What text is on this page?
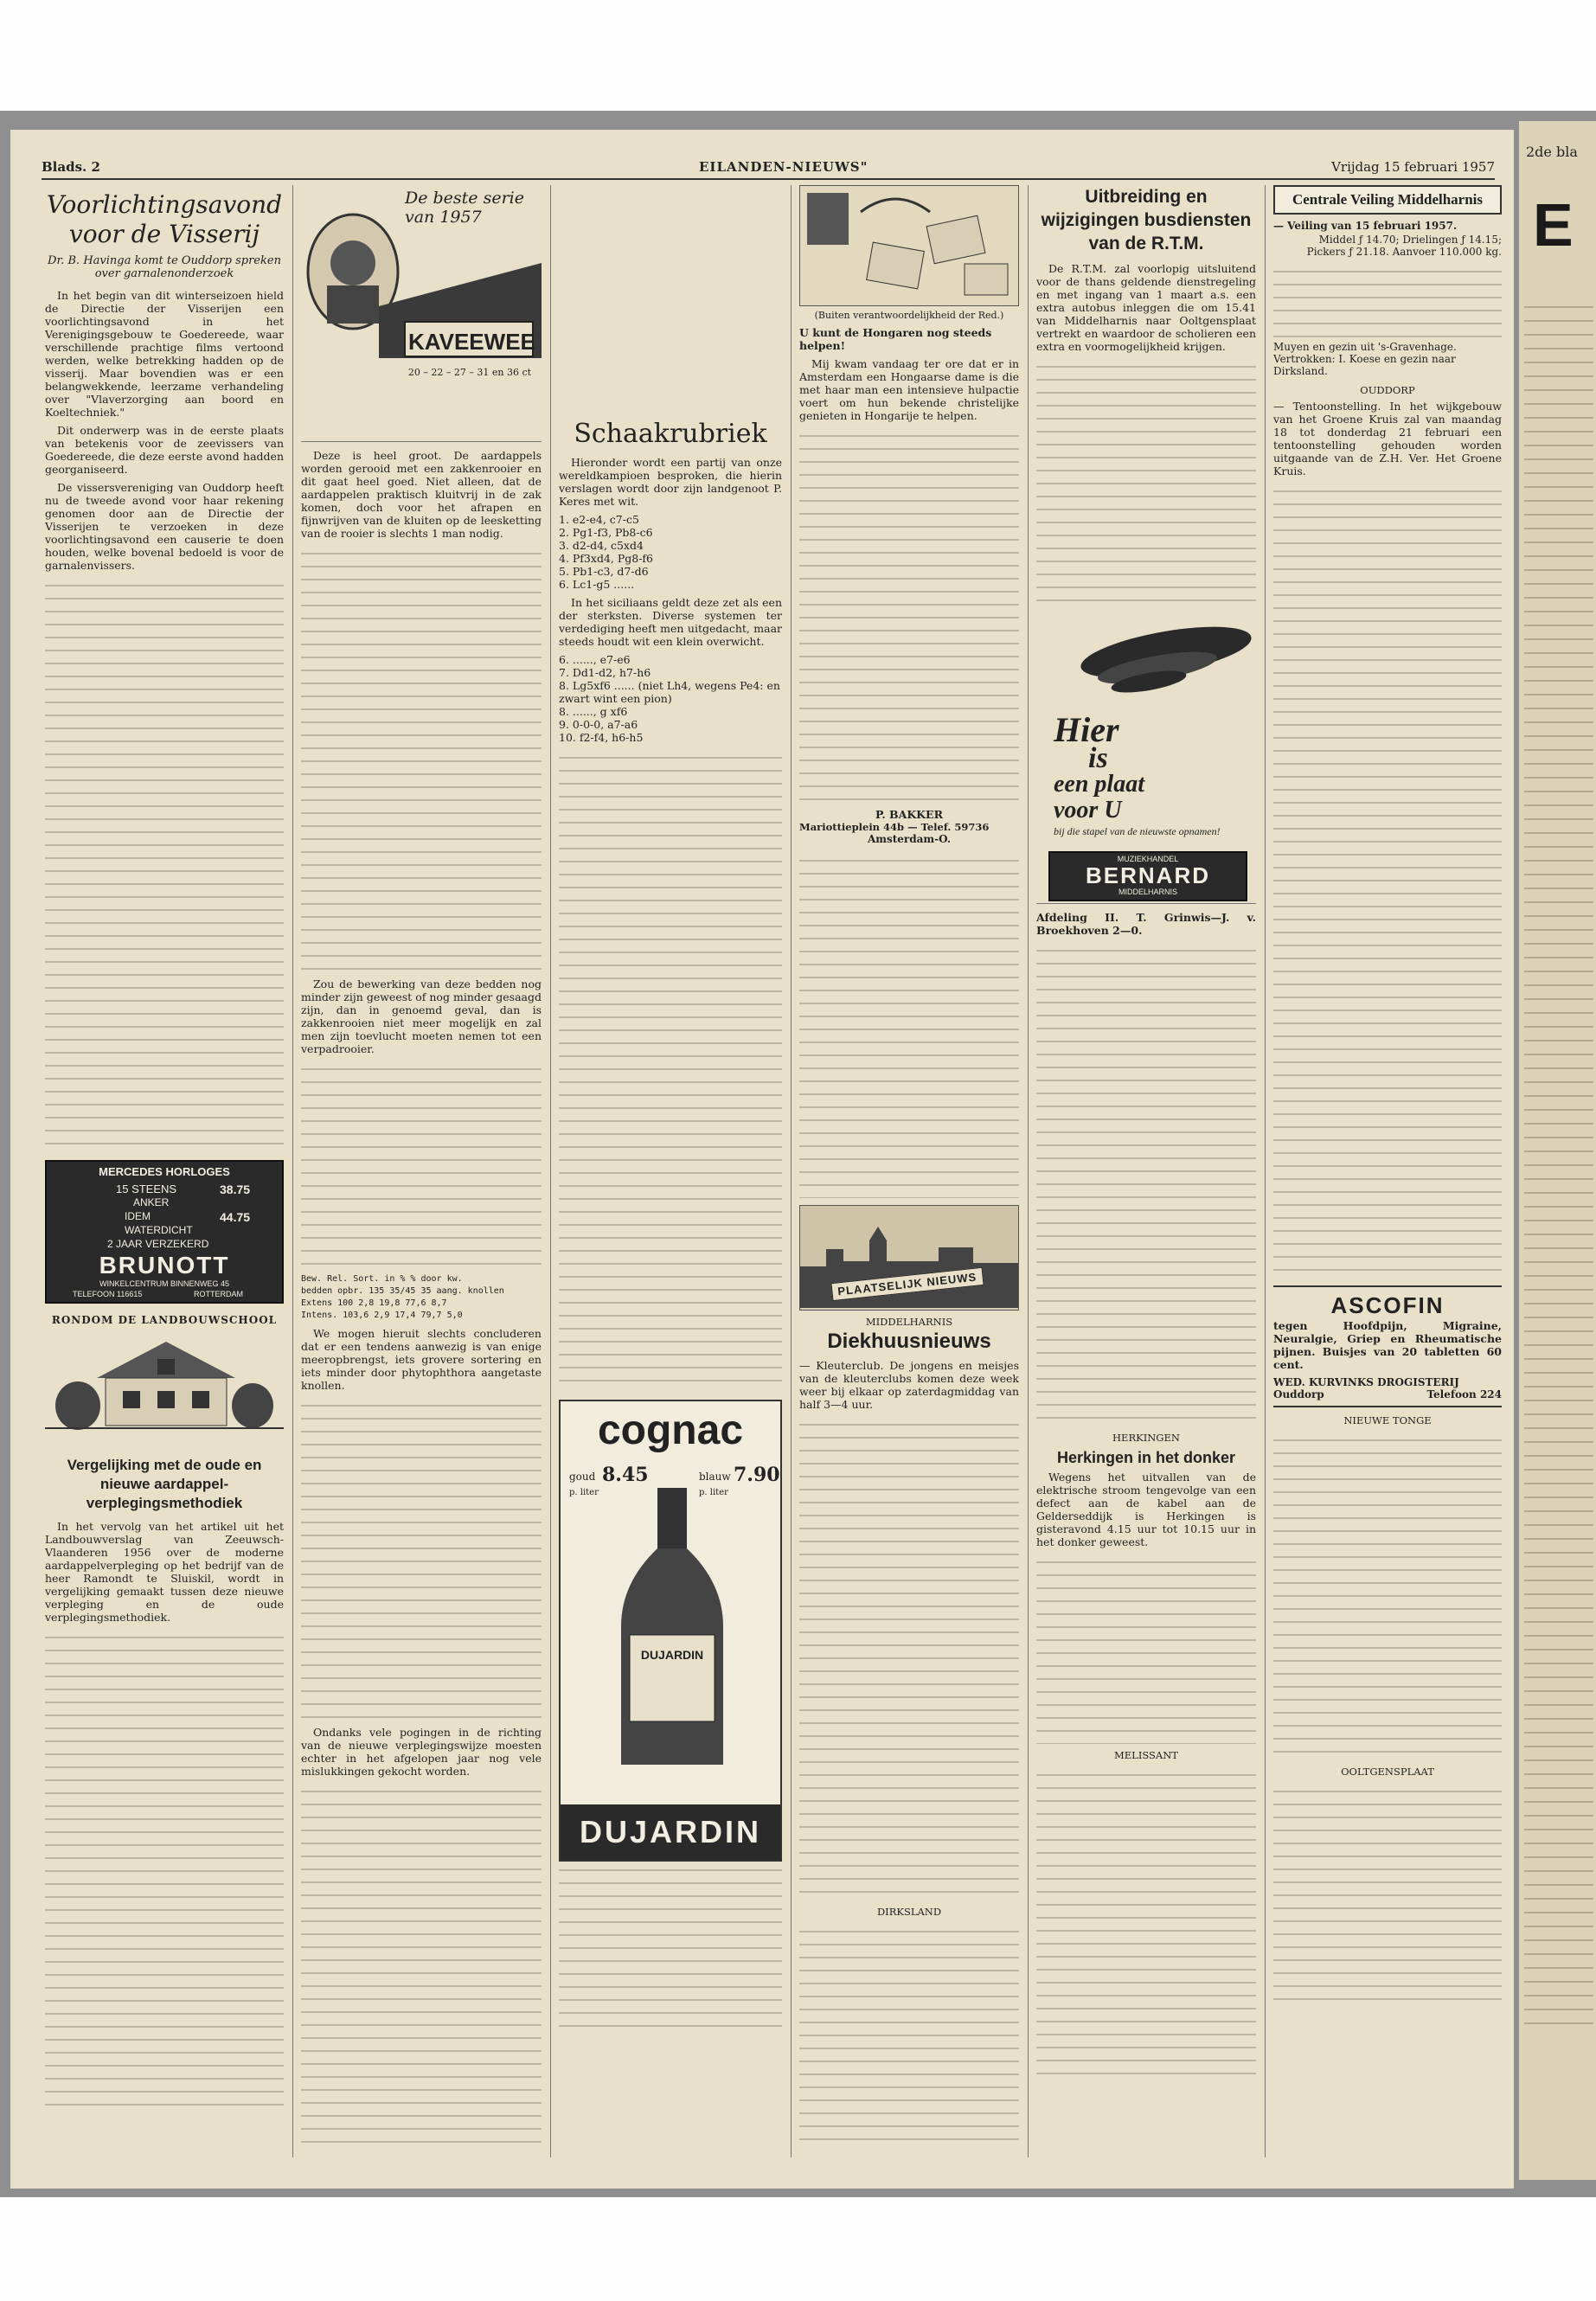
2de bla
E
Blads. 2	EILANDEN-NIEUWS"	Vrijdag 15 februari 1957
Voorlichtingsavond voor de Visserij
Dr. B. Havinga komt te Ouddorp spreken over garnalenonderzoek

In het begin van dit winterseizoen hield de Directie der Visserijen een voorlichtingsavond in het Verenigingsgebouw te Goedereede, waar verschillende prachtige films vertoond werden, welke betrekking hadden op de visserij. Maar bovendien was er een belangwekkende, leerzame verhandeling over "Vlaverzorging aan boord en Koeltechniek."

Dit onderwerp was in de eerste plaats van betekenis voor de zeevissers van Goedereede, die deze eerste avond hadden georganiseerd.

De vissersvereniging van Ouddorp heeft nu de tweede avond voor haar rekening genomen door aan de Directie der Visserijen te verzoeken in deze voorlichtingsavond een causerie te doen houden, welke bovenal bedoeld is voor de garnalenvissers.

MERCEDES HORLOGES
15 STEENS	38.75
ANKER
IDEM	44.75
WATERDICHT
2 JAAR VERZEKERD
BRUNOTT
WINKELCENTRUM BINNENWEG 45
TELEFOON 116615	ROTTERDAM
RONDOM DE LANDBOUWSCHOOL
Vergelijking met de oude en nieuwe aardappel-verplegingsmethodiek

In het vervolg van het artikel uit het Landbouwverslag van Zeeuwsch-Vlaanderen 1956 over de moderne aardappelverpleging op het bedrijf van de heer Ramondt te Sluiskil, wordt in vergelijking gemaakt tussen deze nieuwe verpleging en de oude verplegingsmethodiek.

De beste serie van 1957
KAVEEWEE
20 – 22 – 27 – 31 en 36 ct

Deze is heel groot. De aardappels worden gerooid met een zakkenrooier en dit gaat heel goed. Niet alleen, dat de aardappelen praktisch kluitvrij in de zak komen, doch voor het afrapen en fijnwrijven van de kluiten op de leesketting van de rooier is slechts 1 man nodig.

Zou de bewerking van deze bedden nog minder zijn geweest of nog minder gesaagd zijn, dan in genoemd geval, dan is zakkenrooien niet meer mogelijk en zal men zijn toevlucht moeten nemen tot een verpadrooier.

Bew. Rel. Sort. in % % door kw.
bedden opbr. 135 35/45 35 aang. knollen
Extens 100 2,8 19,8 77,6 8,7
Intens. 103,6 2,9 17,4 79,7 5,0

We mogen hieruit slechts concluderen dat er een tendens aanwezig is van enige meeropbrengst, iets grovere sortering en iets minder door phytophthora aangetaste knollen.

Ondanks vele pogingen in de richting van de nieuwe verplegingswijze moesten echter in het afgelopen jaar nog vele mislukkingen gekocht worden.

Schaakrubriek

Hieronder wordt een partij van onze wereldkampioen besproken, die hierin verslagen wordt door zijn landgenoot P. Keres met wit.

1. e2-e4, c7-c5
2. Pg1-f3, Pb8-c6
3. d2-d4, c5xd4
4. Pf3xd4, Pg8-f6
5. Pb1-c3, d7-d6
6. Lc1-g5 ......

In het siciliaans geldt deze zet als een der sterksten. Diverse systemen ter verdediging heeft men uitgedacht, maar steeds houdt wit een klein overwicht.

6. ......, e7-e6
7. Dd1-d2, h7-h6
8. Lg5xf6 ...... (niet Lh4, wegens Pe4: en zwart wint een pion)
8. ......, g xf6
9. 0-0-0, a7-a6
10. f2-f4, h6-h5
cognac
goud 8.45
p. liter
blauw 7.90
p. liter
DUJARDIN
DUJARDIN
(Buiten verantwoordelijkheid der Red.)
U kunt de Hongaren nog steeds helpen!

Mij kwam vandaag ter ore dat er in Amsterdam een Hongaarse dame is die met haar man een intensieve hulpactie voert om hun bekende christelijke genieten in Hongarije te helpen.

P. BAKKER
Mariottieplein 44b — Telef. 59736
Amsterdam-O.
PLAATSELIJK NIEUWS
MIDDELHARNIS
Diekhuusnieuws

— Kleuterclub. De jongens en meisjes van de kleuterclubs komen deze week weer bij elkaar op zaterdagmiddag van half 3—4 uur.

DIRKSLAND
Uitbreiding en wijzigingen busdiensten van de R.T.M.

De R.T.M. zal voorlopig uitsluitend voor de thans geldende dienstregeling en met ingang van 1 maart a.s. een extra autobus inleggen die om 15.41 van Middelharnis naar Ooltgensplaat vertrekt en waardoor de scholieren een extra en voormogelijkheid krijgen.

Hier
is
een plaat
voor U
bij die stapel van de nieuwste opnamen!
MUZIEKHANDEL
BERNARD
MIDDELHARNIS

Afdeling II. T. Grinwis—J. v. Broekhoven 2—0.

HERKINGEN
Herkingen in het donker

Wegens het uitvallen van de elektrische stroom tengevolge van een defect aan de kabel aan de Gelderseddijk is Herkingen is gisteravond 4.15 uur tot 10.15 uur in het donker geweest.

MELISSANT
Centrale Veiling Middelharnis
— Veiling van 15 februari 1957.
Middel ƒ 14.70; Drielingen ƒ 14.15;
Pickers ƒ 21.18. Aanvoer 110.000 kg.
Muyen en gezin uit 's-Gravenhage.
Vertrokken: I. Koese en gezin naar Dirksland.
OUDDORP

— Tentoonstelling. In het wijkgebouw van het Groene Kruis zal van maandag 18 tot donderdag 21 februari een tentoonstelling gehouden worden uitgaande van de Z.H. Ver. Het Groene Kruis.

ASCOFIN

tegen Hoofdpijn, Migraine, Neuralgie, Griep en Rheumatische pijnen. Buisjes van 20 tabletten 60 cent.

WED. KURVINKS DROGISTERIJ
Ouddorp	Telefoon 224
NIEUWE TONGE
OOLTGENSPLAAT
